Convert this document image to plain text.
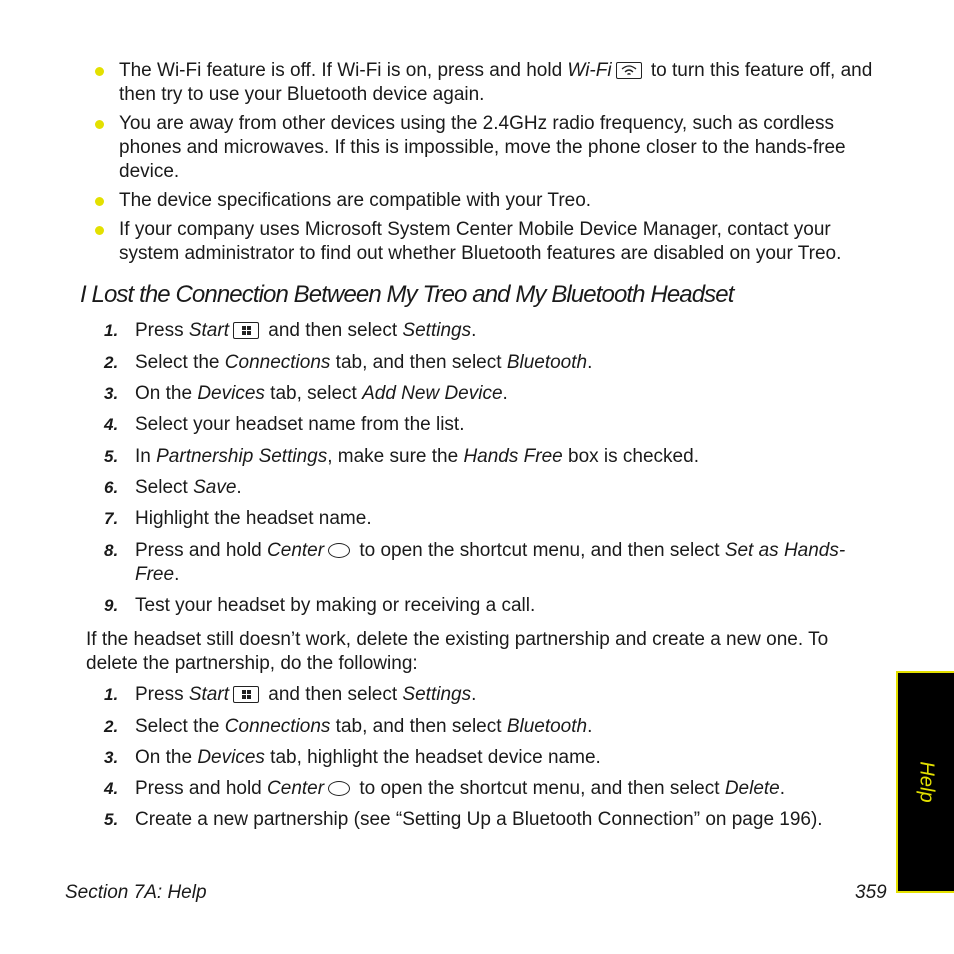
The Wi-Fi feature is off. If Wi-Fi is on, press and hold Wi-Fi
to turn this feature off, and then try to use your Bluetooth device again.
You are away from other devices using the 2.4GHz radio frequency, such as cordless phones and microwaves. If this is impossible, move the phone closer to the hands-free device.
The device specifications are compatible with your Treo.
If your company uses Microsoft System Center Mobile Device Manager, contact your system administrator to find out whether Bluetooth features are disabled on your Treo.
I Lost the Connection Between My Treo and My Bluetooth Headset
1. Press Start and then select Settings.
2. Select the Connections tab, and then select Bluetooth.
3. On the Devices tab, select Add New Device.
4. Select your headset name from the list.
5. In Partnership Settings, make sure the Hands Free box is checked.
6. Select Save.
7. Highlight the headset name.
8. Press and hold Center to open the shortcut menu, and then select Set as Hands-Free.
9. Test your headset by making or receiving a call.
If the headset still doesn’t work, delete the existing partnership and create a new one. To delete the partnership, do the following:
1. Press Start and then select Settings.
2. Select the Connections tab, and then select Bluetooth.
3. On the Devices tab, highlight the headset device name.
4. Press and hold Center to open the shortcut menu, and then select Delete.
5. Create a new partnership (see “Setting Up a Bluetooth Connection” on page 196).
Section 7A: Help	359
Help
